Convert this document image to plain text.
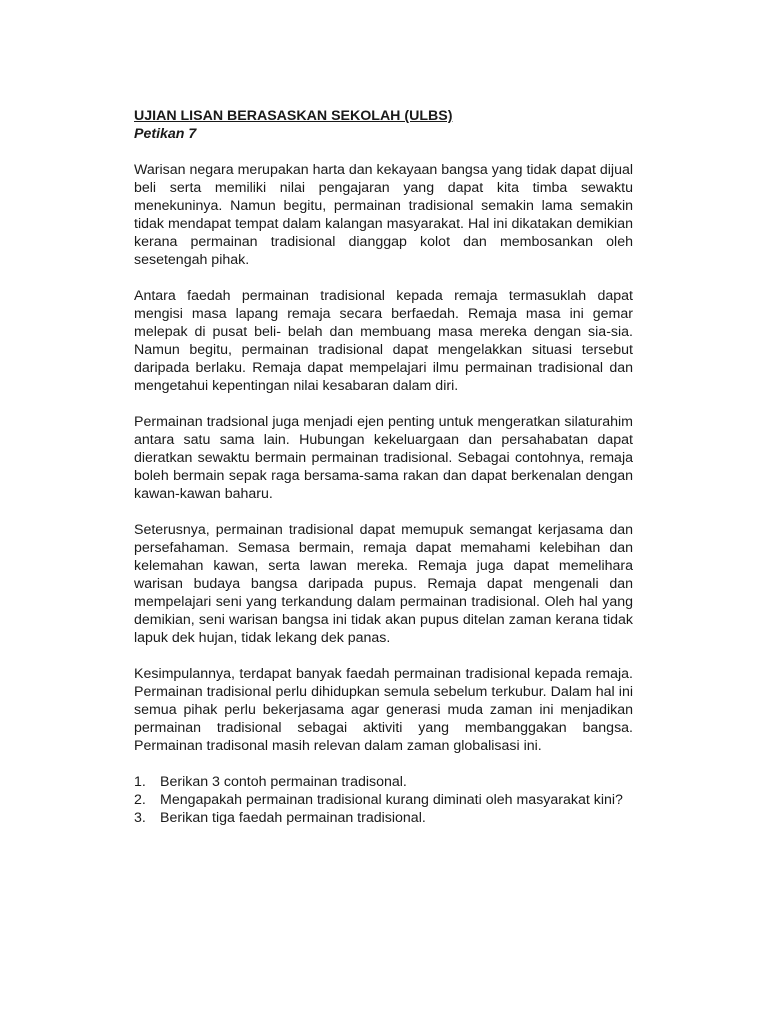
UJIAN LISAN BERASASKAN SEKOLAH (ULBS)
Petikan 7

Warisan negara merupakan harta dan kekayaan bangsa yang tidak dapat dijual beli serta memiliki nilai pengajaran yang dapat kita timba sewaktu menekuninya. Namun begitu, permainan tradisional semakin lama semakin tidak mendapat tempat dalam kalangan masyarakat. Hal ini dikatakan demikian kerana permainan tradisional dianggap kolot dan membosankan oleh sesetengah pihak.

Antara faedah permainan tradisional kepada remaja termasuklah dapat mengisi masa lapang remaja secara berfaedah. Remaja masa ini gemar melepak di pusat beli- belah dan membuang masa mereka dengan sia-sia. Namun begitu, permainan tradisional dapat mengelakkan situasi tersebut daripada berlaku. Remaja dapat mempelajari ilmu permainan tradisional dan mengetahui kepentingan nilai kesabaran dalam diri.

Permainan tradsional juga menjadi ejen penting untuk mengeratkan silaturahim antara satu sama lain. Hubungan kekeluargaan dan persahabatan dapat dieratkan sewaktu bermain permainan tradisional. Sebagai contohnya, remaja boleh bermain sepak raga bersama-sama rakan dan dapat berkenalan dengan kawan-kawan baharu.

Seterusnya, permainan tradisional dapat memupuk semangat kerjasama dan persefahaman. Semasa bermain, remaja dapat memahami kelebihan dan kelemahan kawan, serta lawan mereka. Remaja juga dapat memelihara warisan budaya bangsa daripada pupus. Remaja dapat mengenali dan mempelajari seni yang terkandung dalam permainan tradisional. Oleh hal yang demikian, seni warisan bangsa ini tidak akan pupus ditelan zaman kerana tidak lapuk dek hujan, tidak lekang dek panas.

Kesimpulannya, terdapat banyak faedah permainan tradisional kepada remaja. Permainan tradisional perlu dihidupkan semula sebelum terkubur. Dalam hal ini semua pihak perlu bekerjasama agar generasi muda zaman ini menjadikan permainan tradisional sebagai aktiviti yang membanggakan bangsa. Permainan tradisonal masih relevan dalam zaman globalisasi ini.

1. Berikan 3 contoh permainan tradisonal.
2. Mengapakah permainan tradisional kurang diminati oleh masyarakat kini?
3. Berikan tiga faedah permainan tradisional.
